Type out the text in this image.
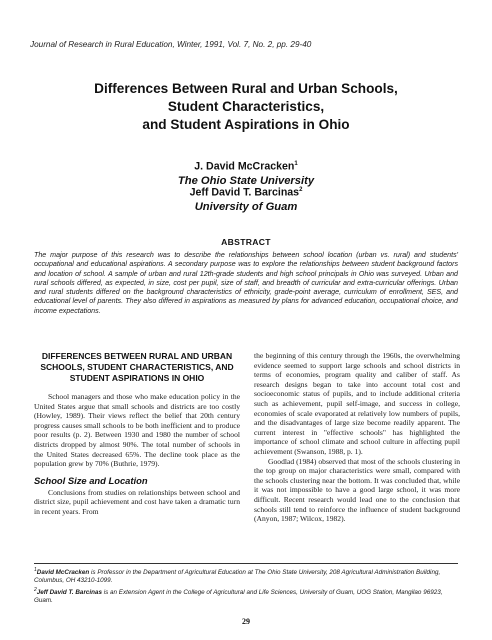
Journal of Research in Rural Education, Winter, 1991, Vol. 7, No. 2, pp. 29-40
Differences Between Rural and Urban Schools,
Student Characteristics,
and Student Aspirations in Ohio
J. David McCracken$^1$
The Ohio State University
Jeff David T. Barcinas$^2$
University of Guam
ABSTRACT

The major purpose of this research was to describe the relationships between school location (urban vs. rural) and students' occupational and educational aspirations. A secondary purpose was to explore the relationships between student background factors and location of school. A sample of urban and rural 12th-grade students and high school principals in Ohio was surveyed. Urban and rural schools differed, as expected, in size, cost per pupil, size of staff, and breadth of curricular and extra-curricular offerings. Urban and rural students differed on the background characteristics of ethnicity, grade-point average, curriculum of enrollment, SES, and educational level of parents. They also differed in aspirations as measured by plans for advanced education, occupational choice, and income expectations.

DIFFERENCES BETWEEN RURAL AND URBAN SCHOOLS, STUDENT CHARACTERISTICS, AND STUDENT ASPIRATIONS IN OHIO

School managers and those who make education policy in the United States argue that small schools and districts are too costly (Howley, 1989). Their views reflect the belief that 20th century progress causes small schools to be both inefficient and to produce poor results (p. 2). Between 1930 and 1980 the number of school districts dropped by almost 90%. The total number of schools in the United States decreased 65%. The decline took place as the population grew by 70% (Buthrie, 1979).

School Size and Location

Conclusions from studies on relationships between school and district size, pupil achievement and cost have taken a dramatic turn in recent years. From

the beginning of this century through the 1960s, the overwhelming evidence seemed to support large schools and school districts in terms of economies, program quality and caliber of staff. As research designs began to take into account total cost and socioeconomic status of pupils, and to include additional criteria such as achievement, pupil self-image, and success in college, economies of scale evaporated at relatively low numbers of pupils, and the disadvantages of large size become readily apparent. The current interest in "effective schools" has highlighted the importance of school climate and school culture in affecting pupil achievement (Swanson, 1988, p. 1).

Goodlad (1984) observed that most of the schools clustering in the top group on major characteristics were small, compared with the schools clustering near the bottom. It was concluded that, while it was not impossible to have a good large school, it was more difficult. Recent research would lead one to the conclusion that schools still tend to reinforce the influence of student background (Anyon, 1987; Wilcox, 1982).

$^1$David McCracken is Professor in the Department of Agricultural Education at The Ohio State University, 208 Agricultural Administration Building, Columbus, OH 43210-1099.

$^2$Jeff David T. Barcinas is an Extension Agent in the College of Agricultural and Life Sciences, University of Guam, UOG Station, Mangilao 96923, Guam.

29
